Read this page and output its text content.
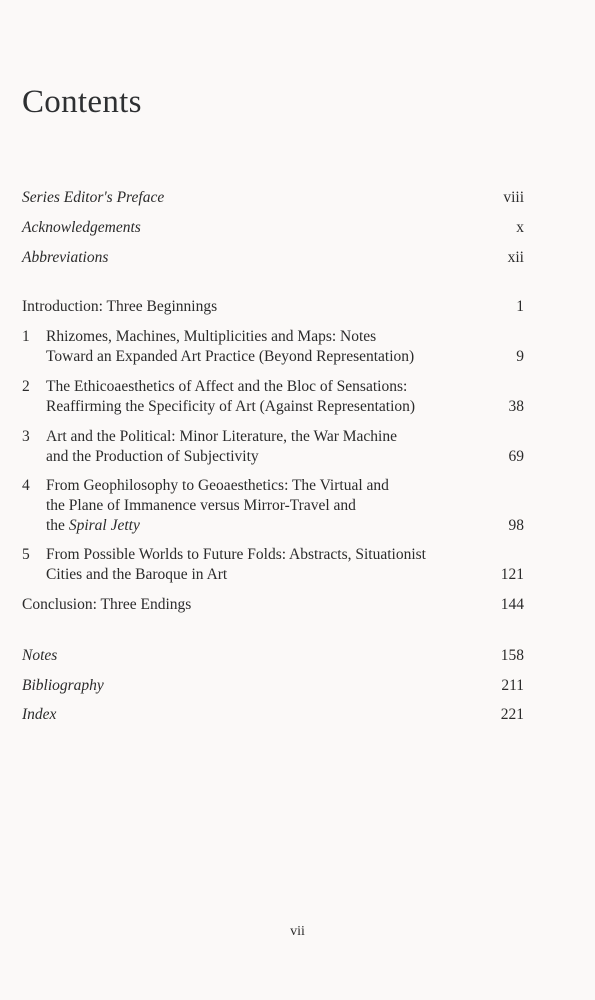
Contents
Series Editor's Preface	viii
Acknowledgements	x
Abbreviations	xii
Introduction: Three Beginnings	1
1 Rhizomes, Machines, Multiplicities and Maps: Notes
Toward an Expanded Art Practice (Beyond Representation)	9
2 The Ethicoaesthetics of Affect and the Bloc of Sensations:
Reaffirming the Specificity of Art (Against Representation)	38
3 Art and the Political: Minor Literature, the War Machine
and the Production of Subjectivity	69
4 From Geophilosophy to Geoaesthetics: The Virtual and
the Plane of Immanence versus Mirror-Travel and
the Spiral Jetty	98
5 From Possible Worlds to Future Folds: Abstracts, Situationist
Cities and the Baroque in Art	121
Conclusion: Three Endings	144
Notes	158
Bibliography	211
Index	221
vii
